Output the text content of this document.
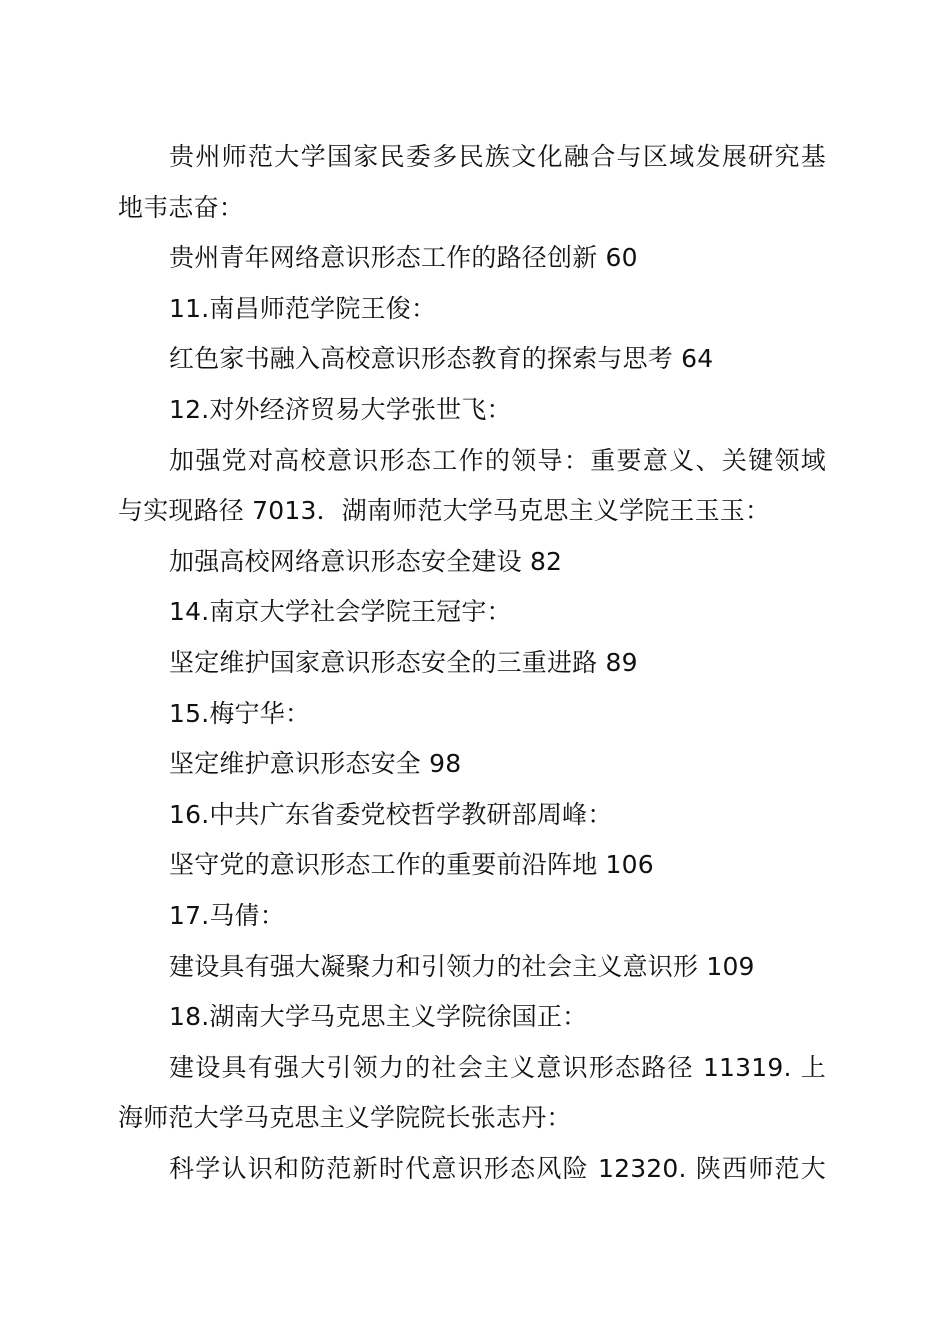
贵州师范大学国家民委多民族文化融合与区域发展研究基
地韦志奋：
贵州青年网络意识形态工作的路径创新 60
11.南昌师范学院王俊：
红色家书融入高校意识形态教育的探索与思考 64
12.对外经济贸易大学张世飞：
加强党对高校意识形态工作的领导：重要意义、关键领域
与实现路径 7013．湖南师范大学马克思主义学院王玉玉：
加强高校网络意识形态安全建设 82
14.南京大学社会学院王冠宇：
坚定维护国家意识形态安全的三重进路 89
15.梅宁华：
坚定维护意识形态安全 98
16.中共广东省委党校哲学教研部周峰：
坚守党的意识形态工作的重要前沿阵地 106
17.马倩：
建设具有强大凝聚力和引领力的社会主义意识形 109
18.湖南大学马克思主义学院徐国正：
建设具有强大引领力的社会主义意识形态路径 11319. 上
海师范大学马克思主义学院院长张志丹：
科学认识和防范新时代意识形态风险 12320. 陕西师范大
